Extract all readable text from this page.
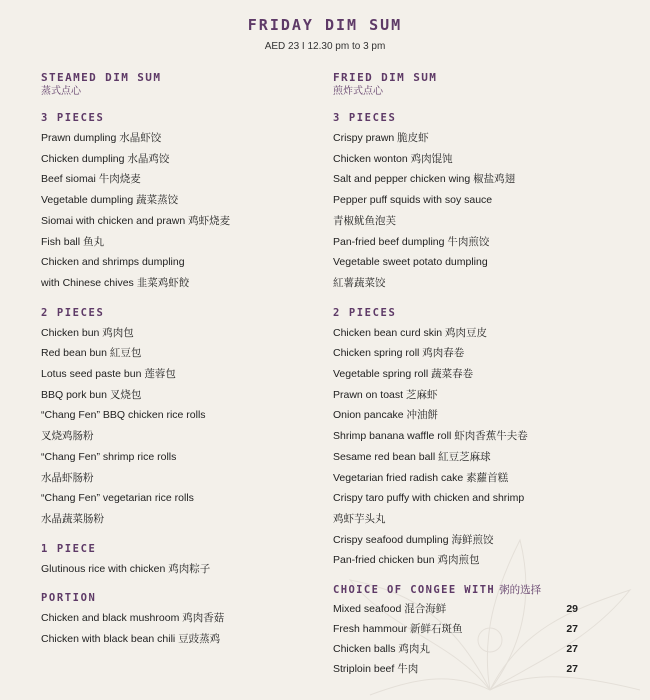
FRIDAY DIM SUM
AED 23 I 12.30 pm to 3 pm
STEAMED DIM SUM
蒸式点心
3 PIECES
Prawn dumpling 水晶虾饺
Chicken dumpling 水晶鸡饺
Beef siomai 牛肉烧麦
Vegetable dumpling 蔬菜蒸饺
Siomai with chicken and prawn 鸡虾烧麦
Fish ball 鱼丸
Chicken and shrimps dumpling
with Chinese chives 韭菜鸡虾餃
2 PIECES
Chicken bun 鸡肉包
Red bean bun 紅豆包
Lotus seed paste bun 莲蓉包
BBQ pork bun 叉烧包
“Chang Fen” BBQ chicken rice rolls
叉烧鸡肠粉
“Chang Fen” shrimp rice rolls
水晶虾肠粉
“Chang Fen” vegetarian rice rolls
水晶蔬菜肠粉
1 PIECE
Glutinous rice with chicken 鸡肉粽子
PORTION
Chicken and black mushroom 鸡肉香菇
Chicken with black bean chili 豆豉蒸鸡
FRIED DIM SUM
煎炸式点心
3 PIECES
Crispy prawn 脆皮虾
Chicken wonton 鸡肉馄饨
Salt and pepper chicken wing 椒盐鸡翅
Pepper puff squids with soy sauce
青椒鱿鱼泡芙
Pan-fried beef dumpling 牛肉煎饺
Vegetable sweet potato dumpling
紅薯蔬菜饺
2 PIECES
Chicken bean curd skin 鸡肉豆皮
Chicken spring roll 鸡肉春卷
Vegetable spring roll 蔬菜春卷
Prawn on toast 芝麻虾
Onion pancake 冲油餅
Shrimp banana waffle roll 虾肉香蕉牛夫卷
Sesame red bean ball 紅豆芝麻球
Vegetarian fried radish cake 素蘿首糕
Crispy taro puffy with chicken and shrimp
鸡虾芋头丸
Crispy seafood dumpling 海鲜煎饺
Pan-fried chicken bun 鸡肉煎包
CHOICE OF CONGEE WITH 粥的选择
Mixed seafood 混合海鲜	29
Fresh hammour 新鲜石斑鱼	27
Chicken balls 鸡肉丸	27
Striploin beef 牛肉	27
